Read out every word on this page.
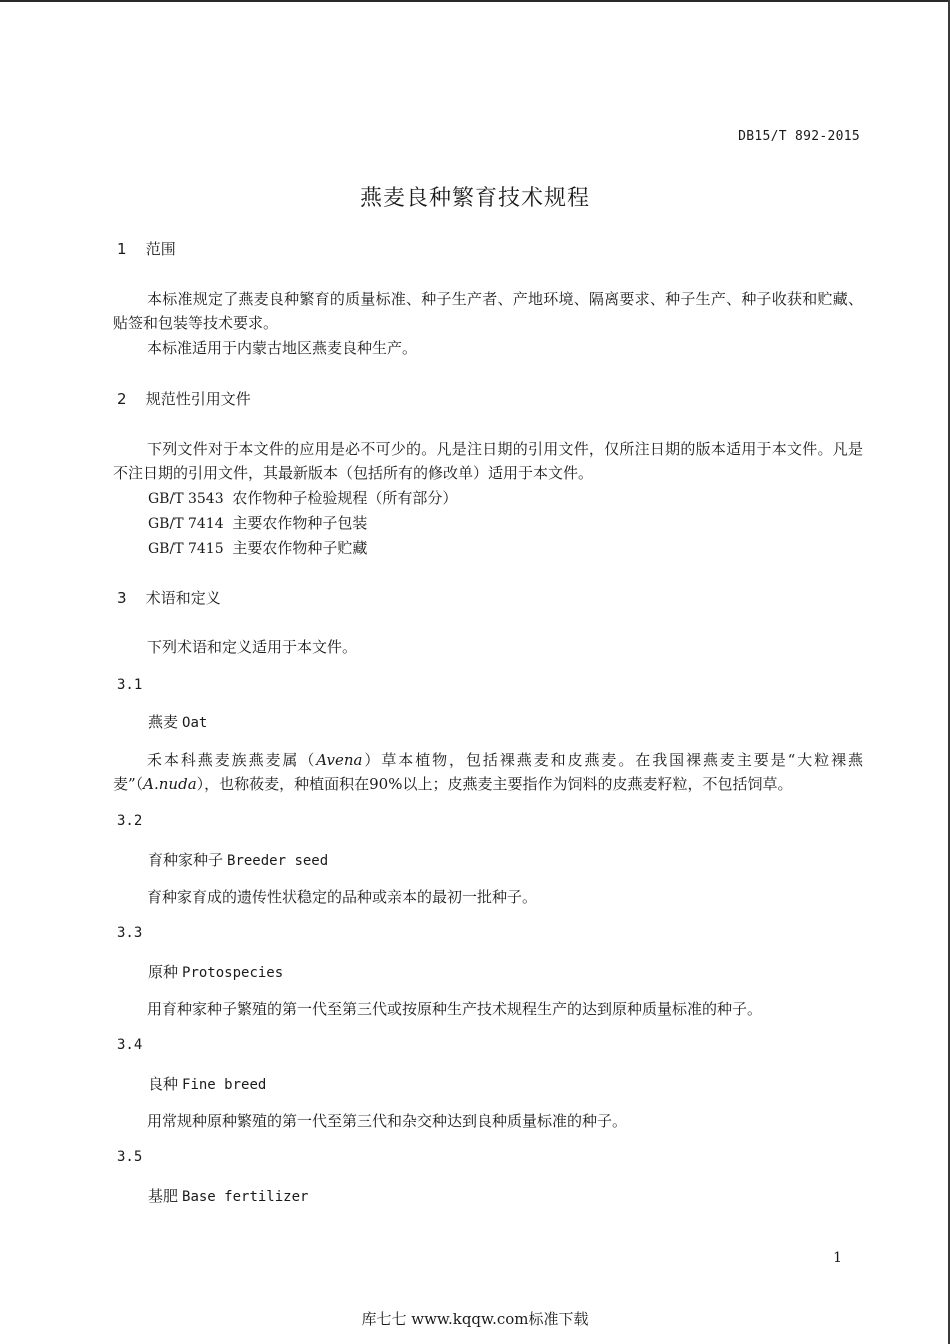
DB15/T 892-2015
燕麦良种繁育技术规程
1 范围

本标准规定了燕麦良种繁育的质量标准、种子生产者、产地环境、隔离要求、种子生产、种子收获和贮藏、贴签和包装等技术要求。

本标准适用于内蒙古地区燕麦良种生产。

2 规范性引用文件

下列文件对于本文件的应用是必不可少的。凡是注日期的引用文件，仅所注日期的版本适用于本文件。凡是不注日期的引用文件，其最新版本（包括所有的修改单）适用于本文件。

GB/T 3543 农作物种子检验规程（所有部分）
GB/T 7414 主要农作物种子包装
GB/T 7415 主要农作物种子贮藏
3 术语和定义

下列术语和定义适用于本文件。

3.1
燕麦 Oat

禾本科燕麦族燕麦属（Avena）草本植物，包括裸燕麦和皮燕麦。在我国裸燕麦主要是“大粒裸燕麦”（A.nuda），也称莜麦，种植面积在90%以上；皮燕麦主要指作为饲料的皮燕麦籽粒，不包括饲草。

3.2
育种家种子 Breeder seed

育种家育成的遗传性状稳定的品种或亲本的最初一批种子。

3.3
原种 Protospecies

用育种家种子繁殖的第一代至第三代或按原种生产技术规程生产的达到原种质量标准的种子。

3.4
良种 Fine breed

用常规种原种繁殖的第一代至第三代和杂交种达到良种质量标准的种子。

3.5
基肥 Base fertilizer
1
库七七 www.kqqw.com标准下载
